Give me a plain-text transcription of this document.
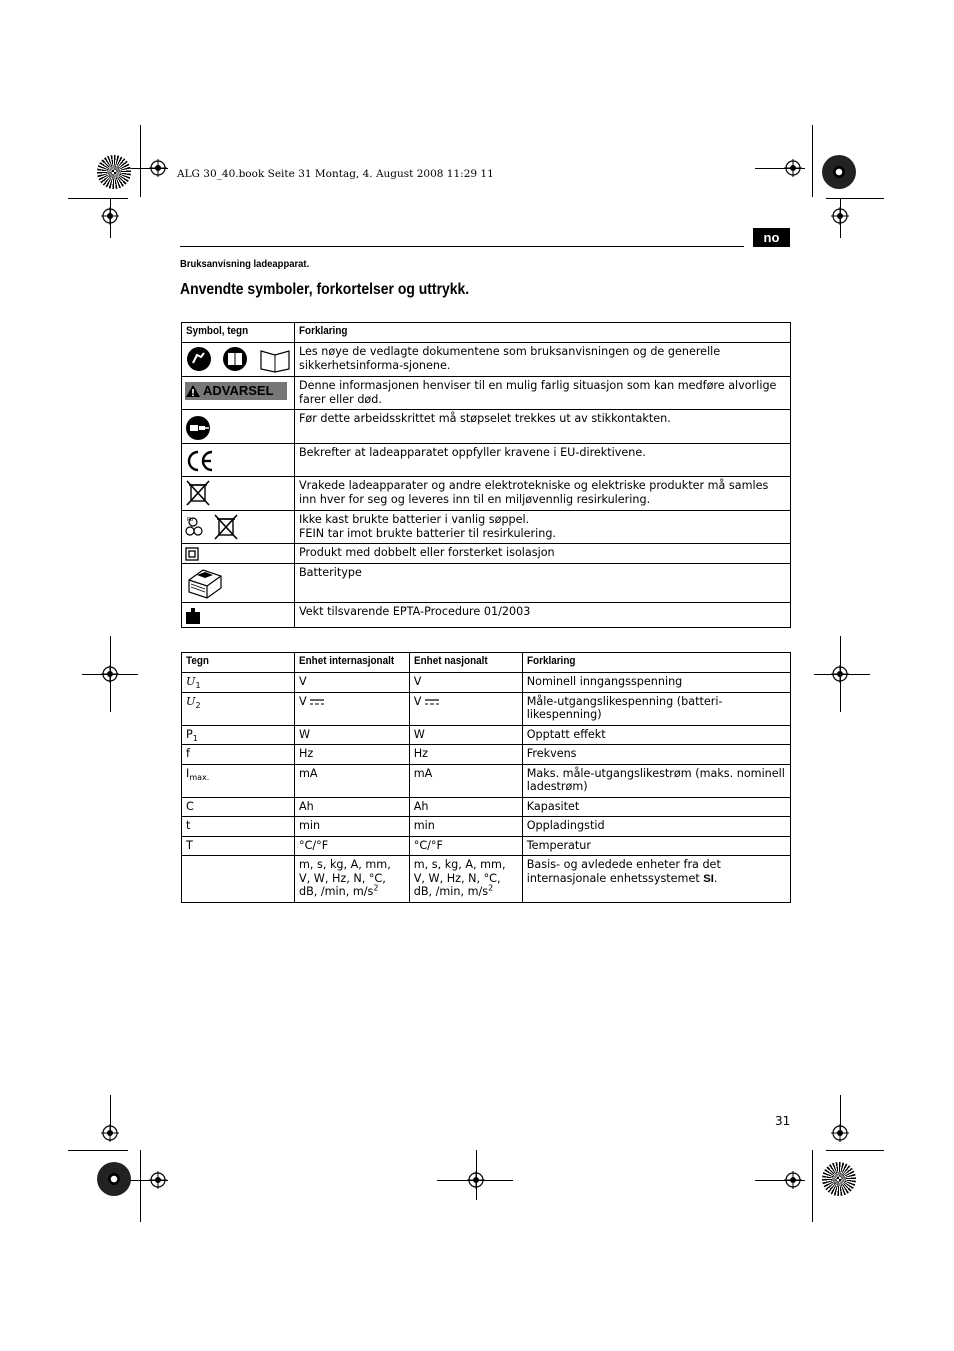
ALG 30_40.book Seite 31 Montag, 4. August 2008 11:29 11
no
Bruksanvisning ladeapparat.
Anvendte symboler, forkortelser og uttrykk.
Symbol, tegn	Forklaring

	Les nøye de vedlagte dokumentene som bruksanvisningen og de generelle sikkerhetsinforma-sjonene.

ADVARSEL	Denne informasjonen henviser til en mulig farlig situasjon som kan medføre alvorlige farer eller død.

	Før dette arbeidsskrittet må støpselet trekkes ut av stikkontakten.

	Bekrefter at ladeapparatet oppfyller kravene i EU-direktivene.

	Vrakede ladeapparater og andre elektrotekniske og elektriske produkter må samles inn hver for seg og leveres inn til en miljøvennlig resirkulering.

Pb	Ikke kast brukte batterier i vanlig søppel.
FEIN tar imot brukte batterier til resirkulering.

	Produkt med dobbelt eller forsterket isolasjon

	Batteritype

	Vekt tilsvarende EPTA-Procedure 01/2003
Tegn	Enhet internasjonalt	Enhet nasjonalt	Forklaring
$U_1$	V	V	Nominell inngangsspenning
$U_2$	V	V	Måle-utgangslikespenning (batteri-likespenning)
$P_1$	W	W	Opptatt effekt
f	Hz	Hz	Frekvens
$I_{max.}$	mA	mA	Maks. måle-utgangslikestrøm (maks. nominell ladestrøm)
C	Ah	Ah	Kapasitet
t	min	min	Oppladingstid
T	°C/°F	°C/°F	Temperatur
	m, s, kg, A, mm, V, W, Hz, N, °C, dB, /min, $m/s^2$	m, s, kg, A, mm, V, W, Hz, N, °C, dB, /min, $m/s^2$	Basis- og avledede enheter fra det internasjonale enhetssystemet SI.
31
